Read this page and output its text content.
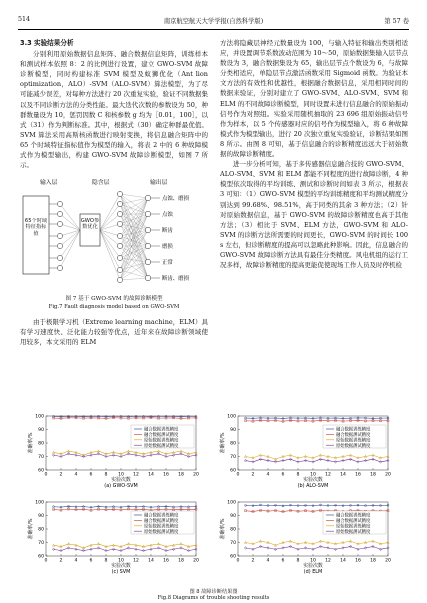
514	南京航空航天大学学报(自然科学版)	第 57 卷
3.3 实验结果分析

分别利用原始数据信息矩阵、融合数据信息矩阵，训练样本和测试样本依照 8：2 的比例进行设置，建立 GWO-SVM 故障诊断模型，同时构建标准 SVM 模型及蚁狮优化（Ant lion optimization，ALO）-SVM（ALO-SVM）算法模型，为了尽可能减少误差，对每种方法进行 20 次重复实验，验证不同数据集以及不同诊断方法的分类性能。最大迭代次数的参数设为 50，种群数量设为 10，惩罚因数 C 和核参数 g 均为［0.01，100］，以式（31）作为判断标准。其中，根据式（30）确定种群最优值。SVM 算法采用高斯核函数进行映射变换，将信息融合矩阵中的 65 个时域特征指标值作为模型的输入，将表 2 中的 6 种故障模式作为模型输出，构建 GWO-SVM 故障诊断模型，如图 7 所示。

输入层	隐含层	输出层
65个时域特征指标值
GWO参数优化
点蚀、磨损
点蚀
断齿
磨损
正常
断齿、磨损
图 7 基于 GWO-SVM 的故障诊断模型
Fig.7 Fault diagnosis model based on GWO-SVM

由于极限学习机（Extreme learning machine，ELM）具有学习速度快、泛化能力较强等优点，近年来在故障诊断领域使用较多，本文采用的 ELM

方法将隐藏层神经元数量设为 100，与输入特征和输出类别相适应，并设置调节系数波动范围为 10～50，原始数据集输入层节点数设为 3，融合数据集设为 65，输出层节点个数设为 6，与故障分类相适应，单隐层节点激活函数采用 Sigmoid 函数。为验证本文方法的有效性和优越性，根据融合数据信息，采用相同时间的数据来验证，分别对建立了 GWO-SVM、ALO-SVM、SVM 和 ELM 的不同故障诊断模型，同时设置未进行信息融合的原始振动信号作为对照组。实验采用随机抽取的 23 696 组原始振动信号作为样本，以 5 个传感器对应的信号作为模型输入，将 6 种故障模式作为模型输出，进行 20 次独立重复实验验证，诊断结果如图 8 所示。由图 8 可知，基于信息融合的诊断精度远远大于初始数据的故障诊断精度。

进一步分析可知，基于多传感器信息融合技的 GWO-SVM、ALO-SVM、SVM 和 ELM 都能不同程度的进行故障诊断，4 种模型依次取得的平均训练、测试和诊断时间如表 3 所示，根据表 3 可知：（1）GWO-SVM 模型的平均训练精度和平均测试精度分别达到 99.68%、98.51%，高于同类的其余 3 种方法；（2）针对原始数据信息，基于 GWO-SVM 的故障诊断精度也高于其他方法；（3）相比于 SVM、ELM 方法，GWO-SVM 和 ALO-SVM 的诊断方法所需要的时间更长，GWO-SVM 的时间长 100 s 左右，但诊断精度的提高可以忽略此种影响。因此，信息融合的 GWO-SVM 故障诊断方法具有最佳分类精度。风电机组的运行工况多样，故障诊断精度的提高更能促使现场工作人员及时停机检

60
70
80
90
100
0	2	4	6	8 10 12 14 16 18 20
实验次数
准确率/%
(a) GWO-SVM
融合数据训练精度
融合数据测试精度
原始数据训练精度
原始数据测试精度
60
70
80
90
100
0	2	4	6	8 10 12 14 16 18 20
实验次数
准确率/%
(b) ALO-SVM
融合数据训练精度
融合数据测试精度
原始数据训练精度
原始数据测试精度
60
70
80
90
100
0	2	4	6	8 10 12 14 16 18 20
实验次数
准确率/%
(c) SVM
融合数据训练精度
融合数据测试精度
原始数据训练精度
原始数据测试精度
60
70
80
90
100
0	2	4	6	8 10 12 14 16 18 20
实验次数
准确率/%
(d) ELM
融合数据训练精度
融合数据测试精度
原始数据训练精度
原始数据测试精度
图 8 故障诊断结果图
Fig.8 Diagrams of trouble shooting results
